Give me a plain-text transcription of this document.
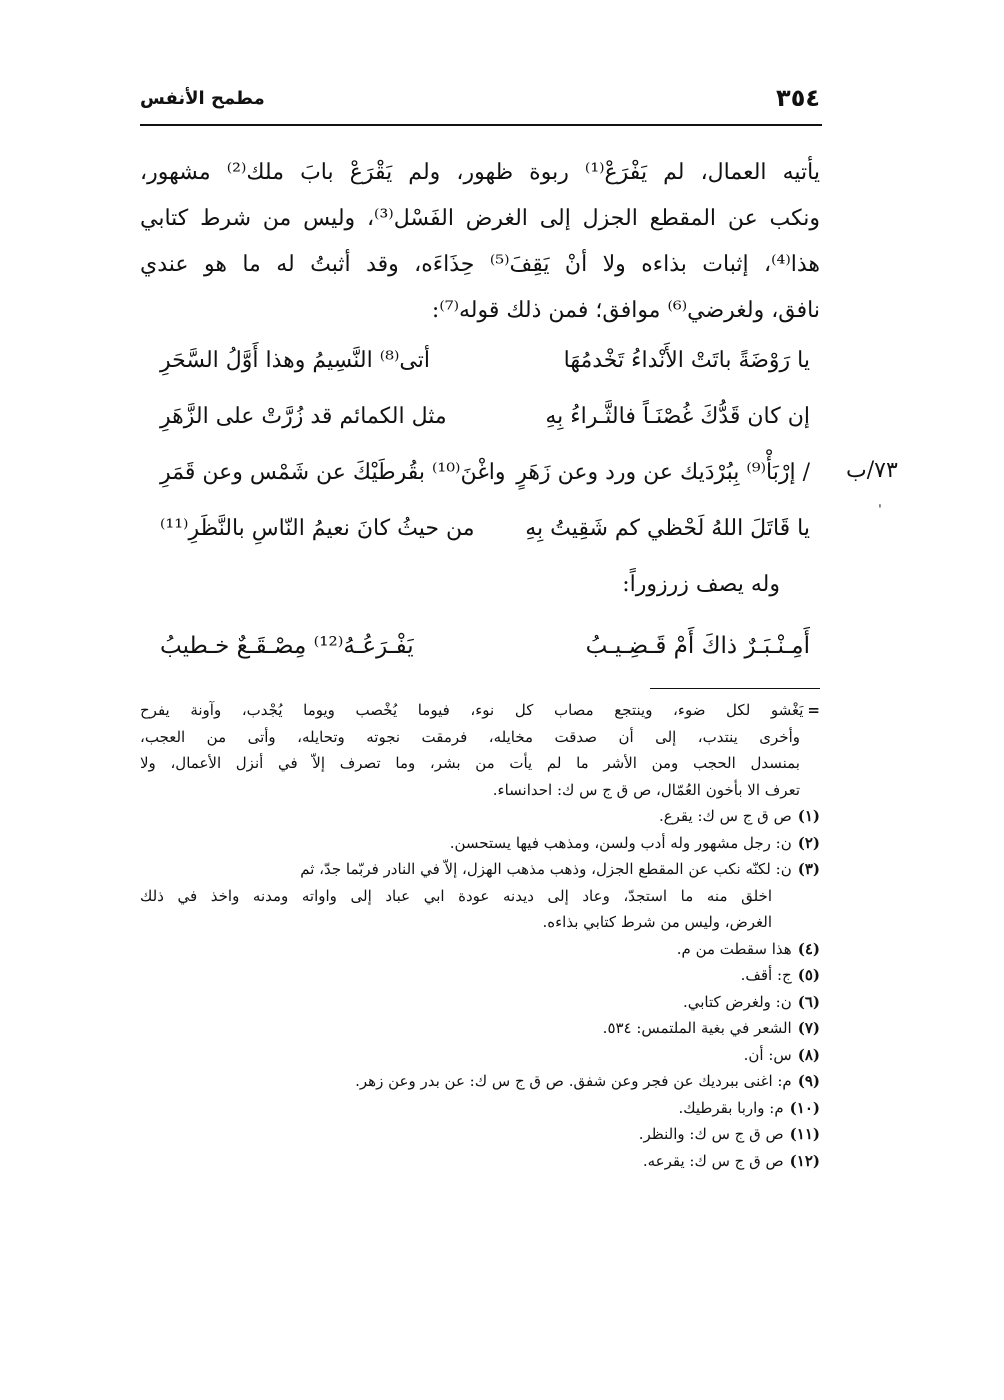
٣٥٤
مطمح الأنفس
يأتيه العمال، لم يَفْرَعْ⁽¹⁾ ربوة ظهور، ولم يَقْرَعْ بابَ ملك⁽²⁾ مشهور،
ونكب عن المقطع الجزل إلى الغرض الفَسْل⁽³⁾، وليس من شرط كتابي
هذا⁽⁴⁾، إثبات بذاءه ولا أنْ يَقِفَ⁽⁵⁾ حِذَاءَه، وقد أثبتُ له ما هو عندي
نافق، ولغرضي⁽⁶⁾ موافق؛ فمن ذلك قوله⁽⁷⁾:
يا رَوْضَةً باتَتْ الأَنْداءُ تَخْدمُهَا
أتى⁽⁸⁾ النَّسِيمُ وهذا أَوَّلُ السَّحَرِ
إن كان قَدُّكَ غُصْنَـاً فالثَّـراءُ بِهِ
مثل الكمائم قد زُرَّتْ على الزَّهَرِ
/ إرْبَأْ⁽⁹⁾ بِبُرْدَيك عن ورد وعن زَهَرٍ
واغْنَ⁽¹⁰⁾ بقُرطَيْكَ عن شَمْس وعن قَمَرِ
يا قَاتَلَ اللهُ لَحْظي كم شَقِيتُ بِهِ
من حيثُ كانَ نعيمُ النّاسِ بالنَّظَرِ⁽¹¹⁾
٧٣/ب
ˌ
وله يصف زرزوراً:
أَمِـنْـبَـرٌ ذاكَ أَمْ قَـضِـيـبُ
يَفْـرَعُـهُ⁽¹²⁾ مِصْـقَـعٌ خـطيبُ
=يَغْشو لكل ضوء، وينتجع مصاب كل نوء، فيوما يُخْصب ويوما يُجْدب، وآونة يفرح
وأخرى ينتدب، إلى أن صدقت مخايله، فرمقت نجوته وتحايله، وأتى من العجب،
بمنسدل الحجب ومن الأشر ما لم يأت من بشر، وما تصرف إلاّ في أنزل الأعمال، ولا
تعرف الا بأخون العُمّال، ص ق ج س ك: احدانساء.
(١)ص ق ج س ك: يقرع.
(٢)ن: رجل مشهور وله أدب ولسن، ومذهب فيها يستحسن.
(٣)ن: لكنّه نكب عن المقطع الجزل، وذهب مذهب الهزل، إلاّ في النادر فربّما جدّ، ثم
اخلق منه ما استجدّ، وعاد إلى ديدنه عودة ابي عباد إلى واواته ومدنه واخذ في ذلك
الغرض، وليس من شرط كتابي بذاءه.
(٤)هذا سقطت من م.
(٥)ج: أقف.
(٦)ن: ولغرض كتابي.
(٧)الشعر في بغية الملتمس: ٥٣٤.
(٨)س: أن.
(٩)م: اغنى ببرديك عن فجر وعن شفق. ص ق ج س ك: عن بدر وعن زهر.
(١٠)م: واربا بقرطيك.
(١١)ص ق ج س ك: والنظر.
(١٢)ص ق ج س ك: يقرعه.
